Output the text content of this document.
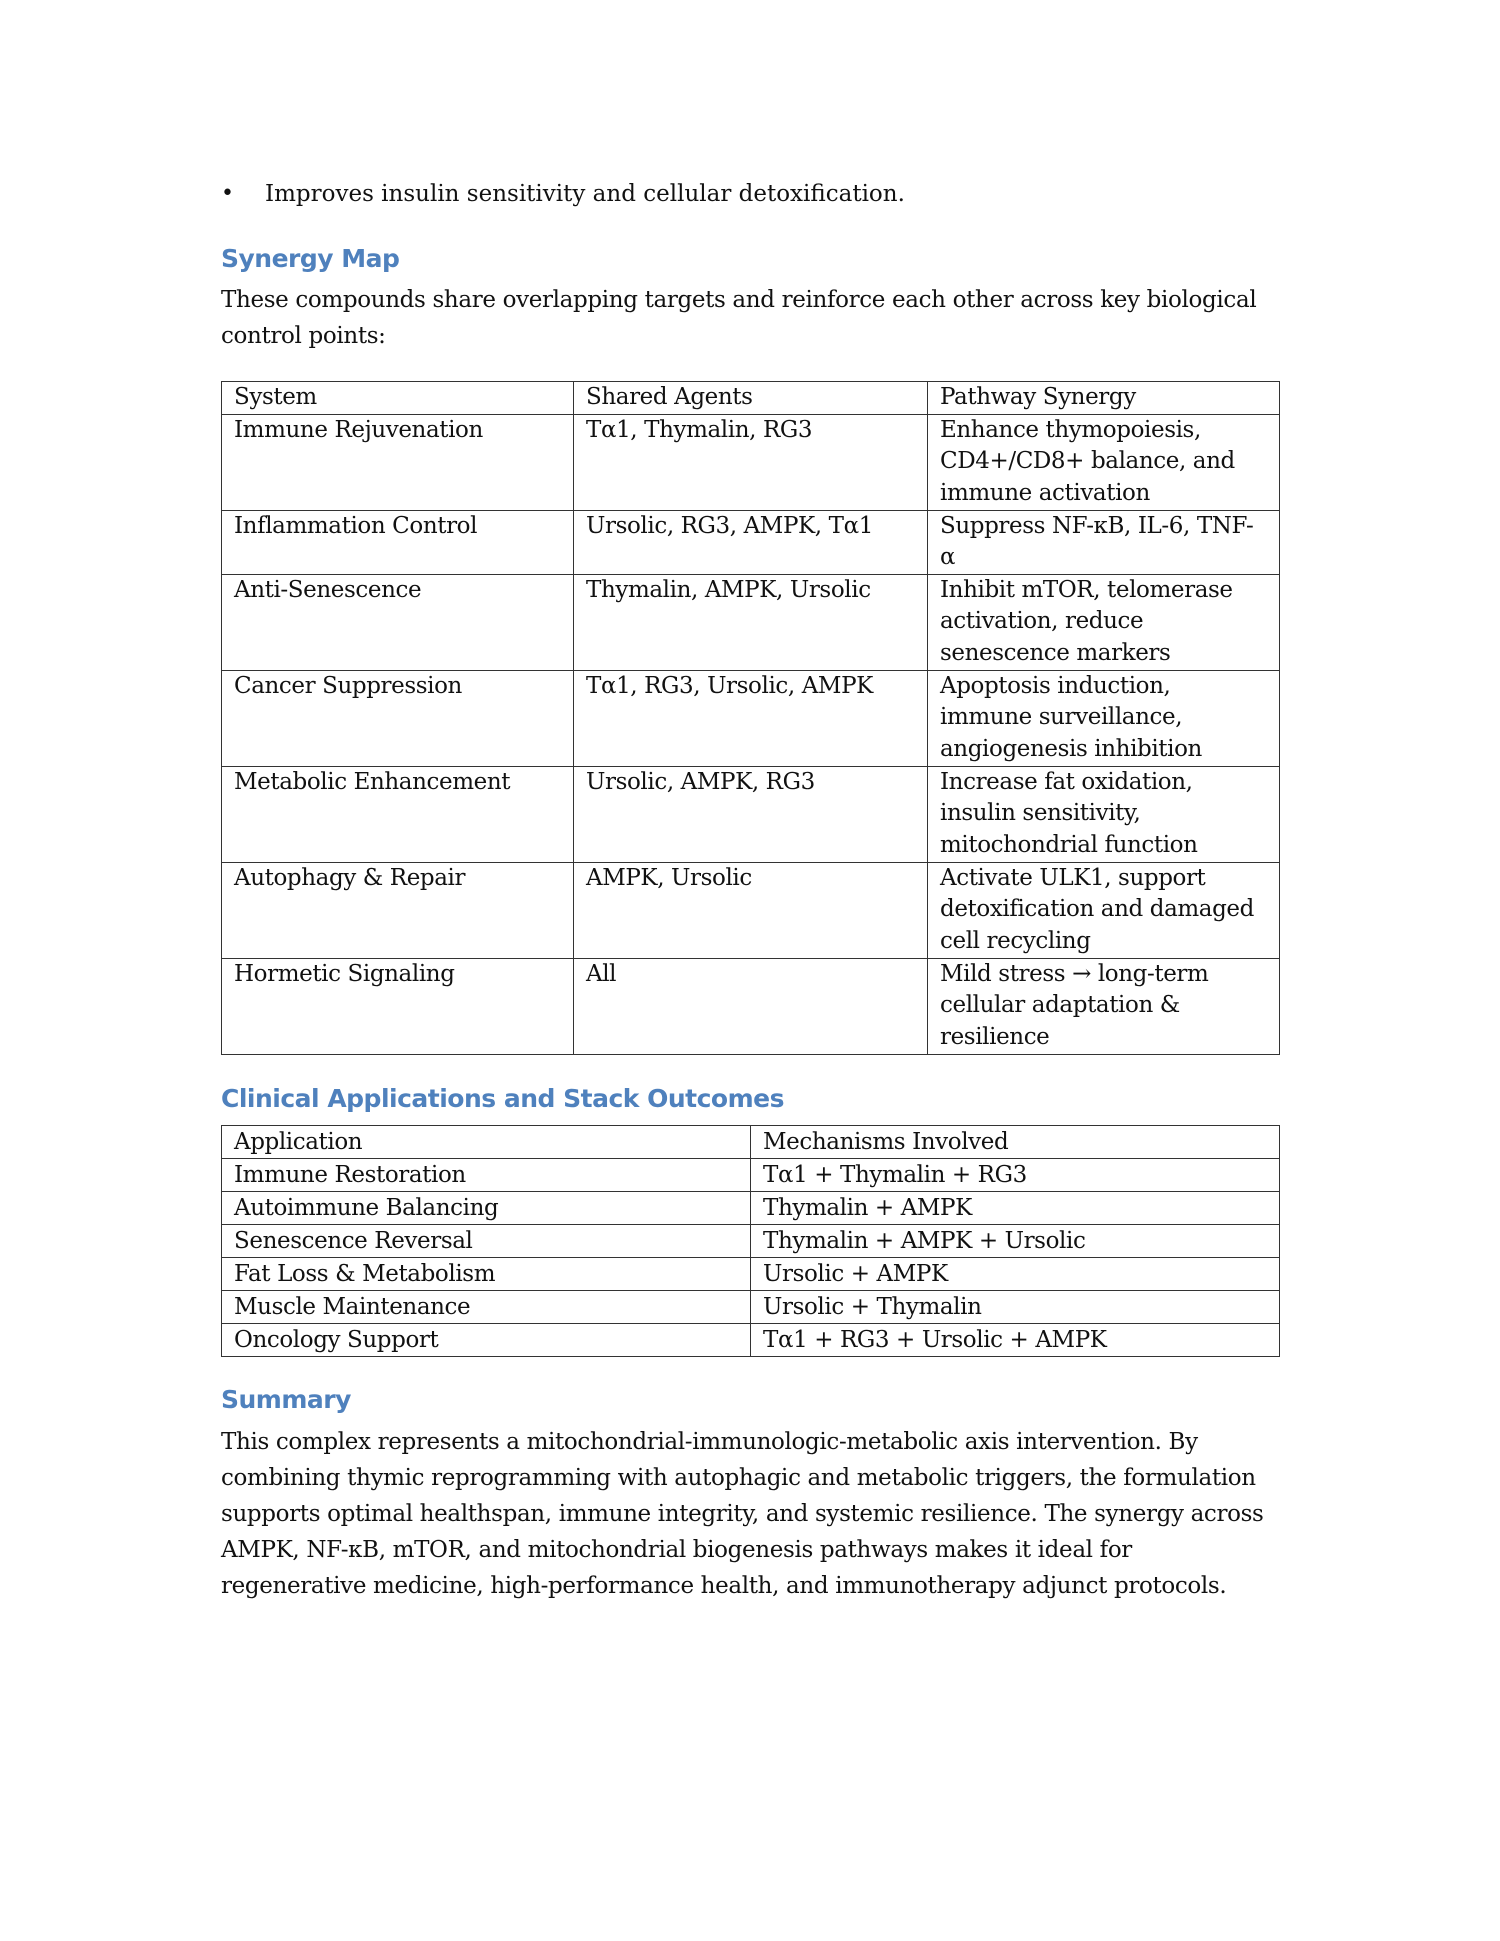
•	Improves insulin sensitivity and cellular detoxification.
Synergy Map
These compounds share overlapping targets and reinforce each other across key biological control points:
System	Shared Agents	Pathway Synergy
Immune Rejuvenation	Tα1, Thymalin, RG3	Enhance thymopoiesis, CD4+/CD8+ balance, and immune activation
Inflammation Control	Ursolic, RG3, AMPK, Tα1	Suppress NF-κB, IL-6, TNF-α
Anti-Senescence	Thymalin, AMPK, Ursolic	Inhibit mTOR, telomerase activation, reduce senescence markers
Cancer Suppression	Tα1, RG3, Ursolic, AMPK	Apoptosis induction, immune surveillance, angiogenesis inhibition
Metabolic Enhancement	Ursolic, AMPK, RG3	Increase fat oxidation, insulin sensitivity, mitochondrial function
Autophagy & Repair	AMPK, Ursolic	Activate ULK1, support detoxification and damaged cell recycling
Hormetic Signaling	All	Mild stress → long-term cellular adaptation & resilience
Clinical Applications and Stack Outcomes
Application	Mechanisms Involved
Immune Restoration	Tα1 + Thymalin + RG3
Autoimmune Balancing	Thymalin + AMPK
Senescence Reversal	Thymalin + AMPK + Ursolic
Fat Loss & Metabolism	Ursolic + AMPK
Muscle Maintenance	Ursolic + Thymalin
Oncology Support	Tα1 + RG3 + Ursolic + AMPK
Summary
This complex represents a mitochondrial-immunologic-metabolic axis intervention. By combining thymic reprogramming with autophagic and metabolic triggers, the formulation supports optimal healthspan, immune integrity, and systemic resilience. The synergy across AMPK, NF-κB, mTOR, and mitochondrial biogenesis pathways makes it ideal for regenerative medicine, high-performance health, and immunotherapy adjunct protocols.
